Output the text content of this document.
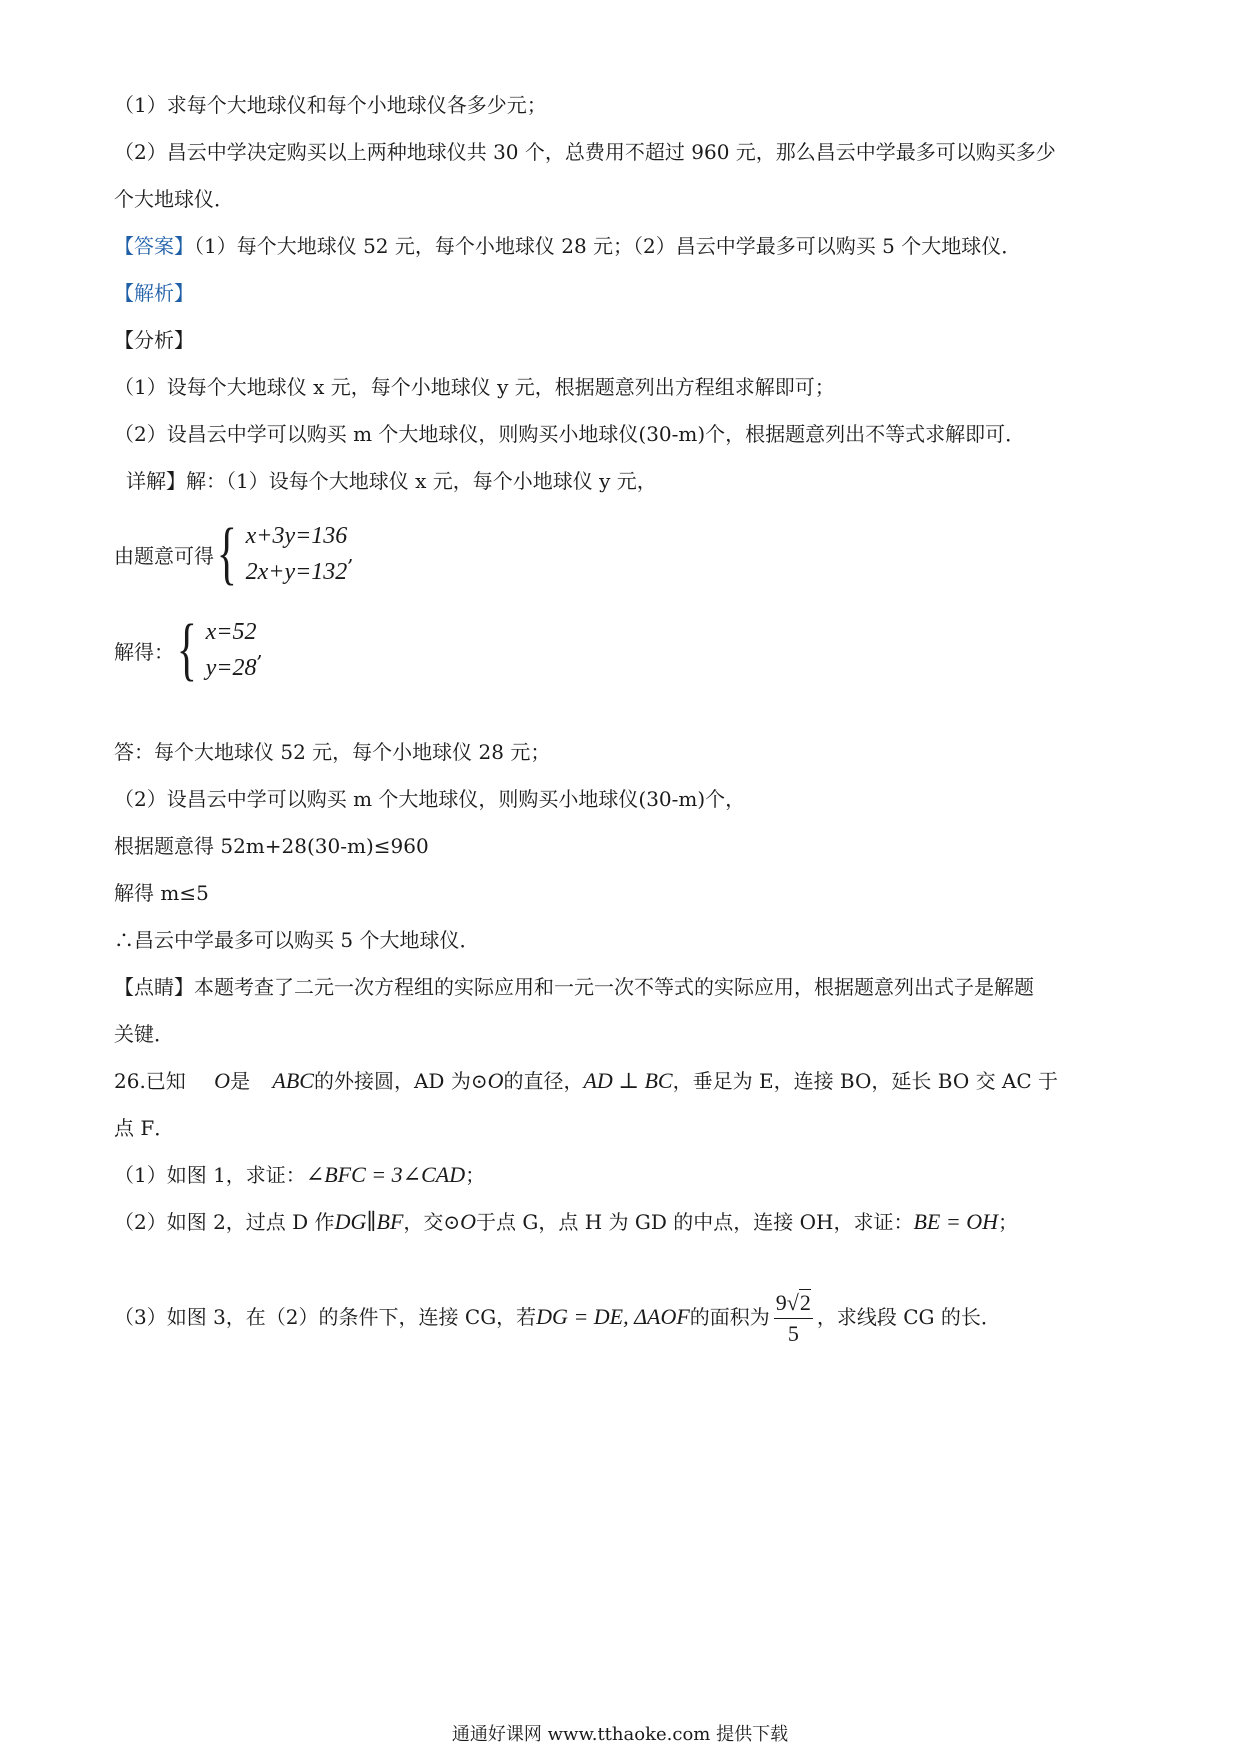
（1）求每个大地球仪和每个小地球仪各多少元；
（2）昌云中学决定购买以上两种地球仪共 30 个，总费用不超过 960 元，那么昌云中学最多可以购买多少
个大地球仪．
【答案】（1）每个大地球仪 52 元，每个小地球仪 28 元；（2）昌云中学最多可以购买 5 个大地球仪．
【解析】
【分析】
（1）设每个大地球仪 x 元，每个小地球仪 y 元，根据题意列出方程组求解即可；
（2）设昌云中学可以购买 m 个大地球仪，则购买小地球仪(30-m)个，根据题意列出不等式求解即可．
详解】解：（1）设每个大地球仪 x 元，每个小地球仪 y 元，
由题意可得 { x+3y=136
2x+y=132
,
解得： { x=52
y=28
,
答：每个大地球仪 52 元，每个小地球仪 28 元；
（2）设昌云中学可以购买 m 个大地球仪，则购买小地球仪(30-m)个，
根据题意得 52m+28(30-m)≤960
解得 m≤5
∴昌云中学最多可以购买 5 个大地球仪．
【点睛】本题考查了二元一次方程组的实际应用和一元一次不等式的实际应用，根据题意列出式子是解题
关键．
26.已知 O是 ABC的外接圆，AD 为⊙O的直径，AD ⊥ BC，垂足为 E，连接 BO，延长 BO 交 AC 于
点 F．
（1）如图 1，求证：∠BFC = 3∠CAD；
（2）如图 2，过点 D 作DG∥BF，交⊙O于点 G，点 H 为 GD 的中点，连接 OH，求证：BE = OH；
（3）如图 3，在（2）的条件下，连接 CG，若DG = DE, ΔAOF的面积为 $\frac{9√2}{5}$ ，求线段 CG 的长．
通通好课网 www.tthaoke.com 提供下载
